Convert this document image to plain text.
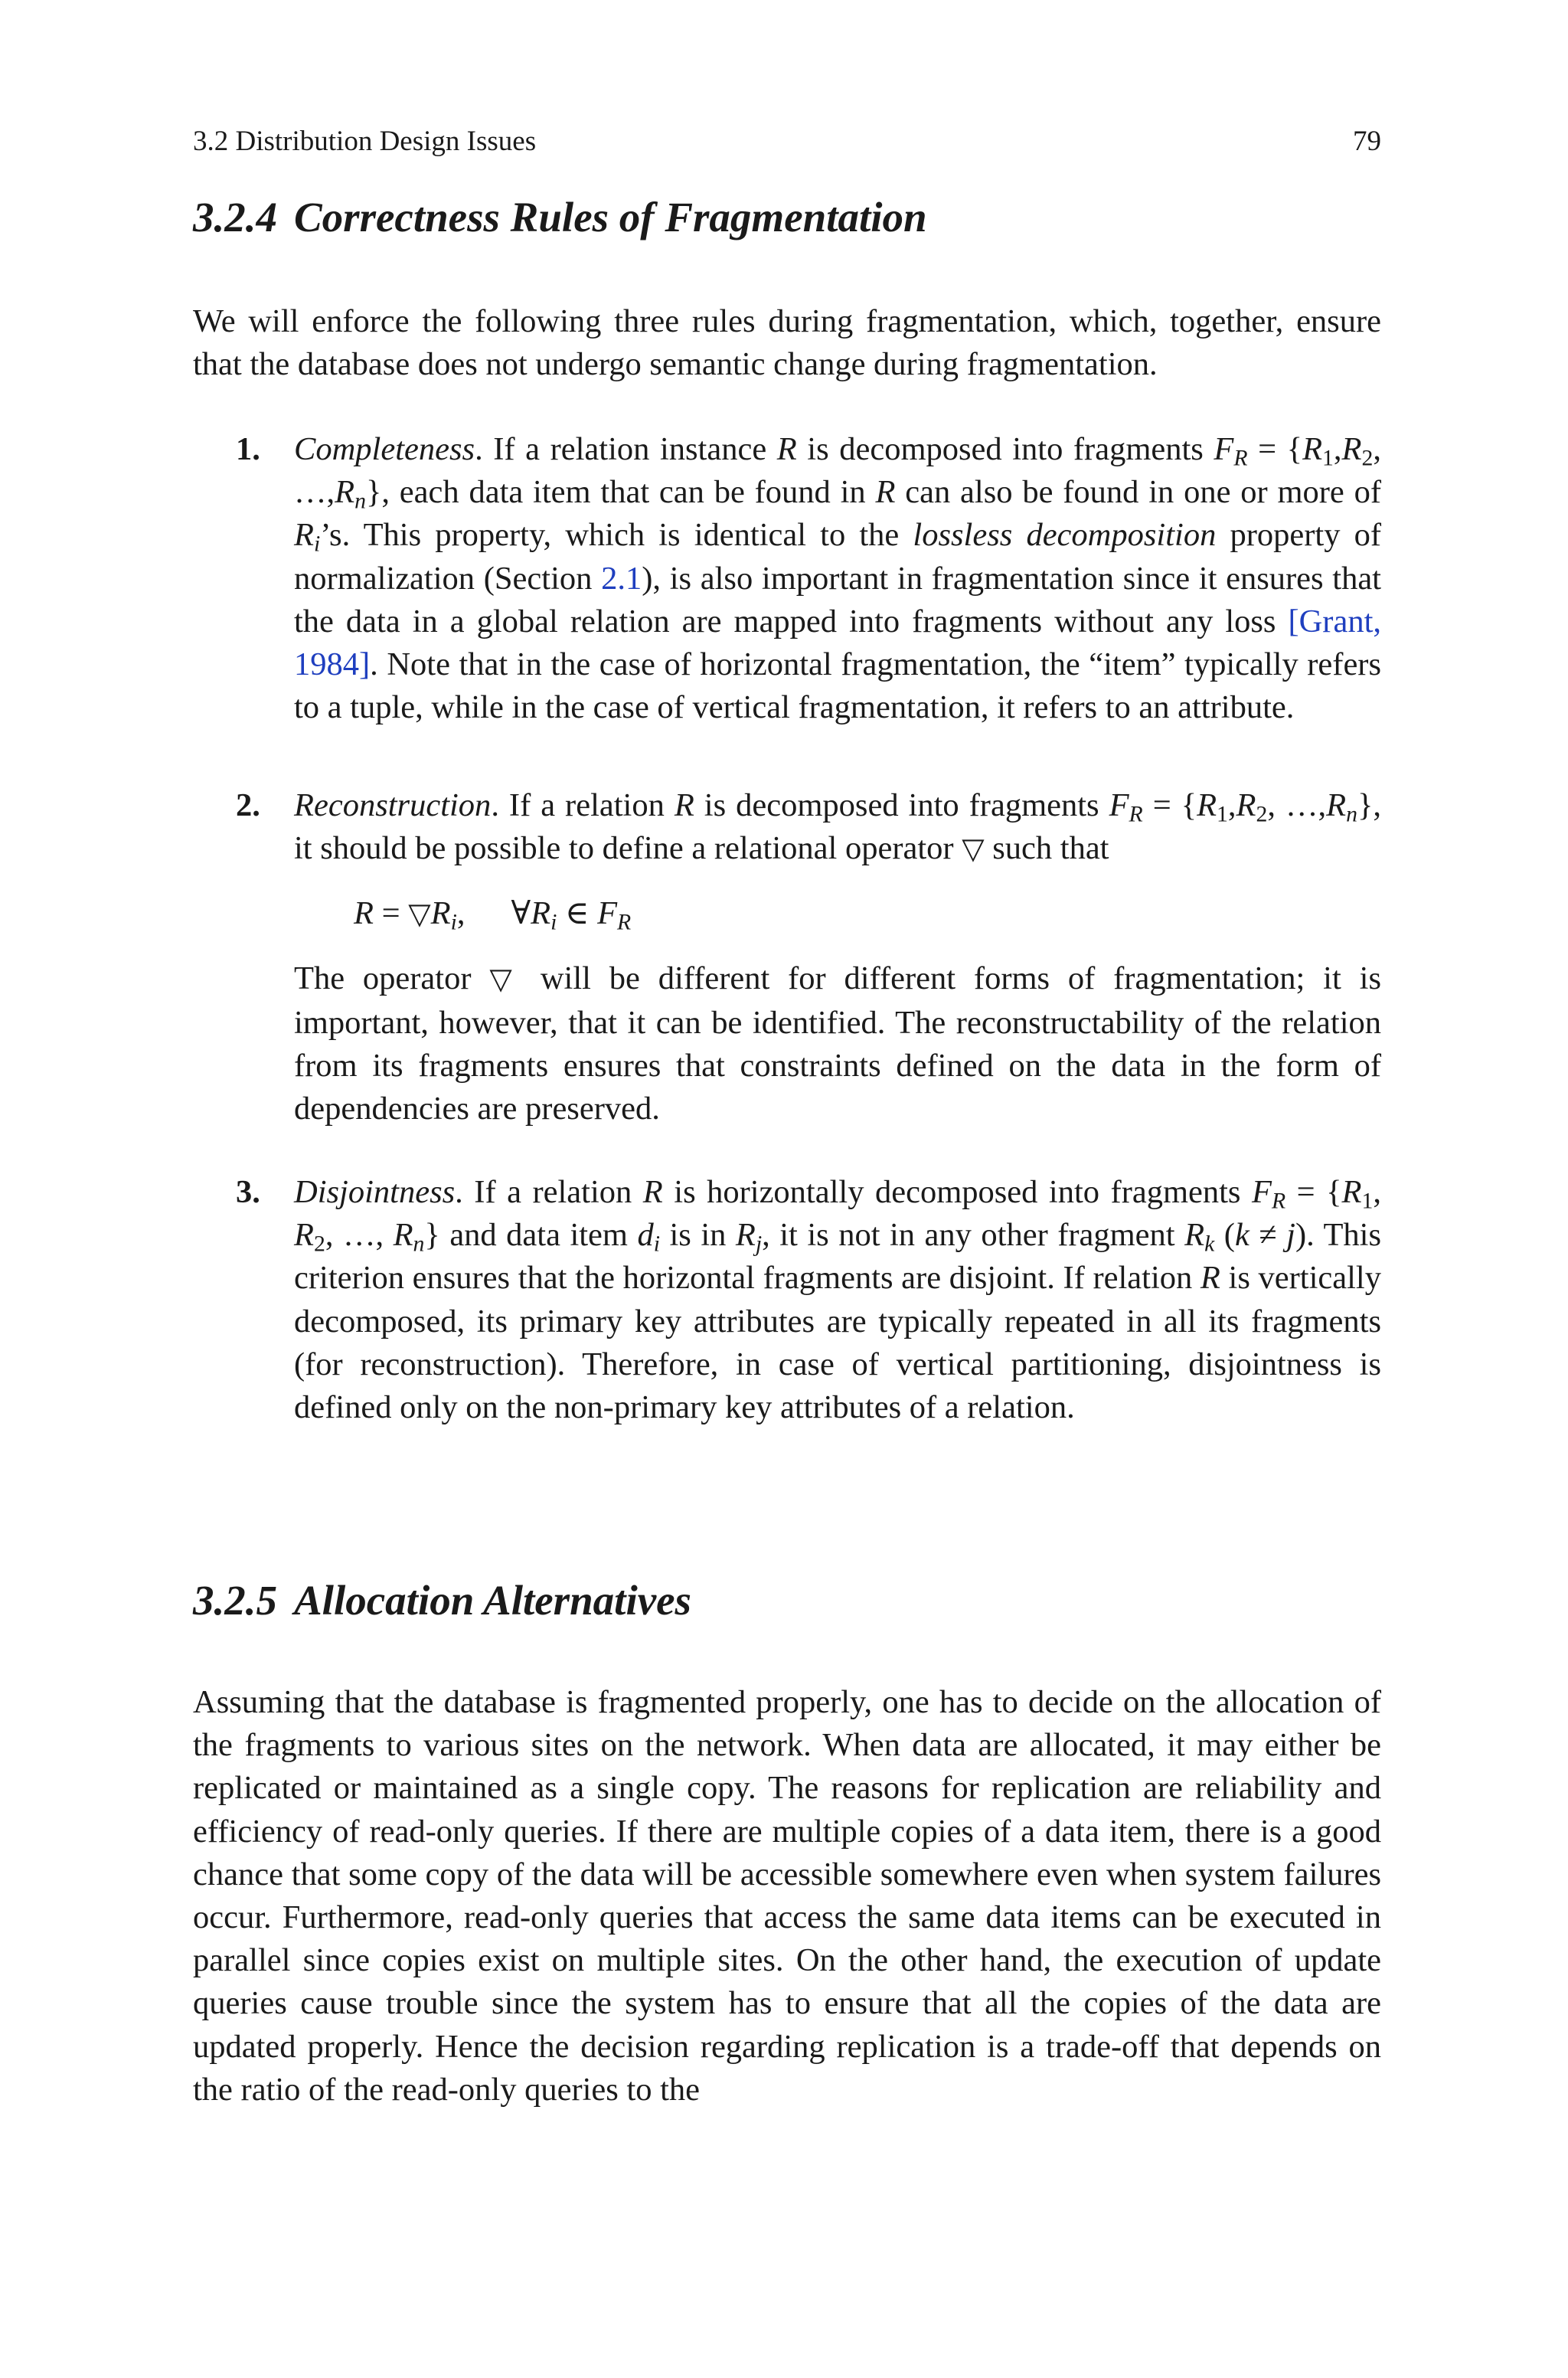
3.2 Distribution Design Issues	79
3.2.4 Correctness Rules of Fragmentation

We will enforce the following three rules during fragmentation, which, together, ensure that the database does not undergo semantic change during fragmentation.

1. Completeness. If a relation instance R is decomposed into fragments $F_R = \{R_1,R_2$, $\dots,R_n$}, each data item that can be found in R can also be found in one or more of $R_i’s$. This property, which is identical to the lossless decomposition property of normalization (Section 2.1), is also important in fragmentation since it ensures that the data in a global relation are mapped into fragments without any loss [Grant, 1984]. Note that in the case of horizontal fragmentation, the “item” typically refers to a tuple, while in the case of vertical fragmentation, it refers to an attribute.

2. Reconstruction. If a relation R is decomposed into fragments $F_R = \{R_1,R_2$, $\dots,R_n$}, it should be possible to define a relational operator ▽ such that

$R = ▽R_i$, $\forall R_i$ ∈ $F_R$

The operator ▽ will be different for different forms of fragmentation; it is important, however, that it can be identified. The reconstructability of the relation from its fragments ensures that constraints defined on the data in the form of dependencies are preserved.

3. Disjointness. If a relation R is horizontally decomposed into fragments $F_R = \{R_1$, $R_2$, …, $R_n$} and data item $d_i$ is in $R_j$, it is not in any other fragment $R_k$ (k ≠ j). This criterion ensures that the horizontal fragments are disjoint. If relation R is vertically decomposed, its primary key attributes are typically repeated in all its fragments (for reconstruction). Therefore, in case of vertical partitioning, disjointness is defined only on the non-primary key attributes of a relation.

3.2.5 Allocation Alternatives

Assuming that the database is fragmented properly, one has to decide on the allocation of the fragments to various sites on the network. When data are allocated, it may either be replicated or maintained as a single copy. The reasons for replication are reliability and efficiency of read-only queries. If there are multiple copies of a data item, there is a good chance that some copy of the data will be accessible somewhere even when system failures occur. Furthermore, read-only queries that access the same data items can be executed in parallel since copies exist on multiple sites. On the other hand, the execution of update queries cause trouble since the system has to ensure that all the copies of the data are updated properly. Hence the decision regarding replication is a trade-off that depends on the ratio of the read-only queries to the
